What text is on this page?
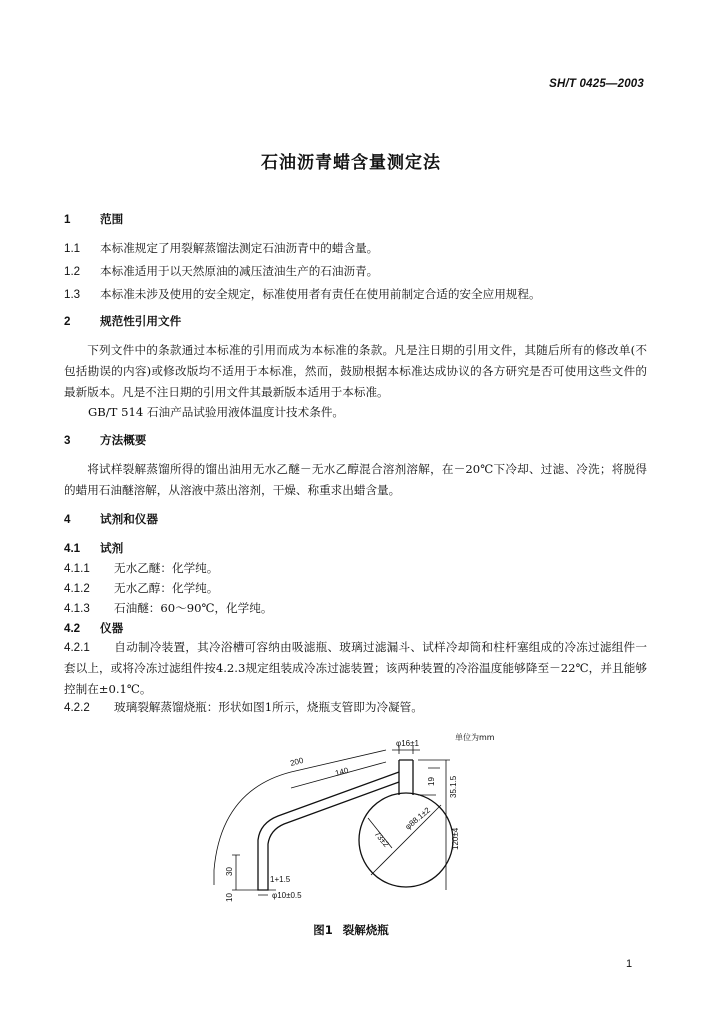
SH/T 0425—2003
石油沥青蜡含量测定法
1	范围
1.1 本标准规定了用裂解蒸馏法测定石油沥青中的蜡含量。
1.2 本标准适用于以天然原油的减压渣油生产的石油沥青。
1.3 本标准未涉及使用的安全规定，标准使用者有责任在使用前制定合适的安全应用规程。
2	规范性引用文件
下列文件中的条款通过本标准的引用而成为本标准的条款。凡是注日期的引用文件，其随后所有的修改单(不包括勘误的内容)或修改版均不适用于本标准，然而，鼓励根据本标准达成协议的各方研究是否可使用这些文件的最新版本。凡是不注日期的引用文件其最新版本适用于本标准。
GB/T 514 石油产品试验用液体温度计技术条件。
3	方法概要
将试样裂解蒸馏所得的馏出油用无水乙醚－无水乙醇混合溶剂溶解，在－20℃下冷却、过滤、冷洗；将脱得的蜡用石油醚溶解，从溶液中蒸出溶剂，干燥、称重求出蜡含量。
4	试剂和仪器
4.1 试剂
4.1.1 无水乙醚：化学纯。
4.1.2 无水乙醇：化学纯。
4.1.3 石油醚：60～90℃，化学纯。
4.2 仪器
4.2.1 自动制冷装置，其冷浴槽可容纳由吸滤瓶、玻璃过滤漏斗、试样冷却筒和柱杆塞组成的冷冻过滤组件一套以上，或将冷冻过滤组件按4.2.3规定组装成冷冻过滤装置；该两种装置的冷浴温度能够降至－22℃，并且能够控制在±0.1℃。
4.2.2 玻璃裂解蒸馏烧瓶：形状如图1所示，烧瓶支管即为冷凝管。
单位为mm
φ16±1
200
140
19 35.1.5
φ88.1±2
73±2	120±4
30
10
1+1.5
φ10±0.5
图1 裂解烧瓶
1
